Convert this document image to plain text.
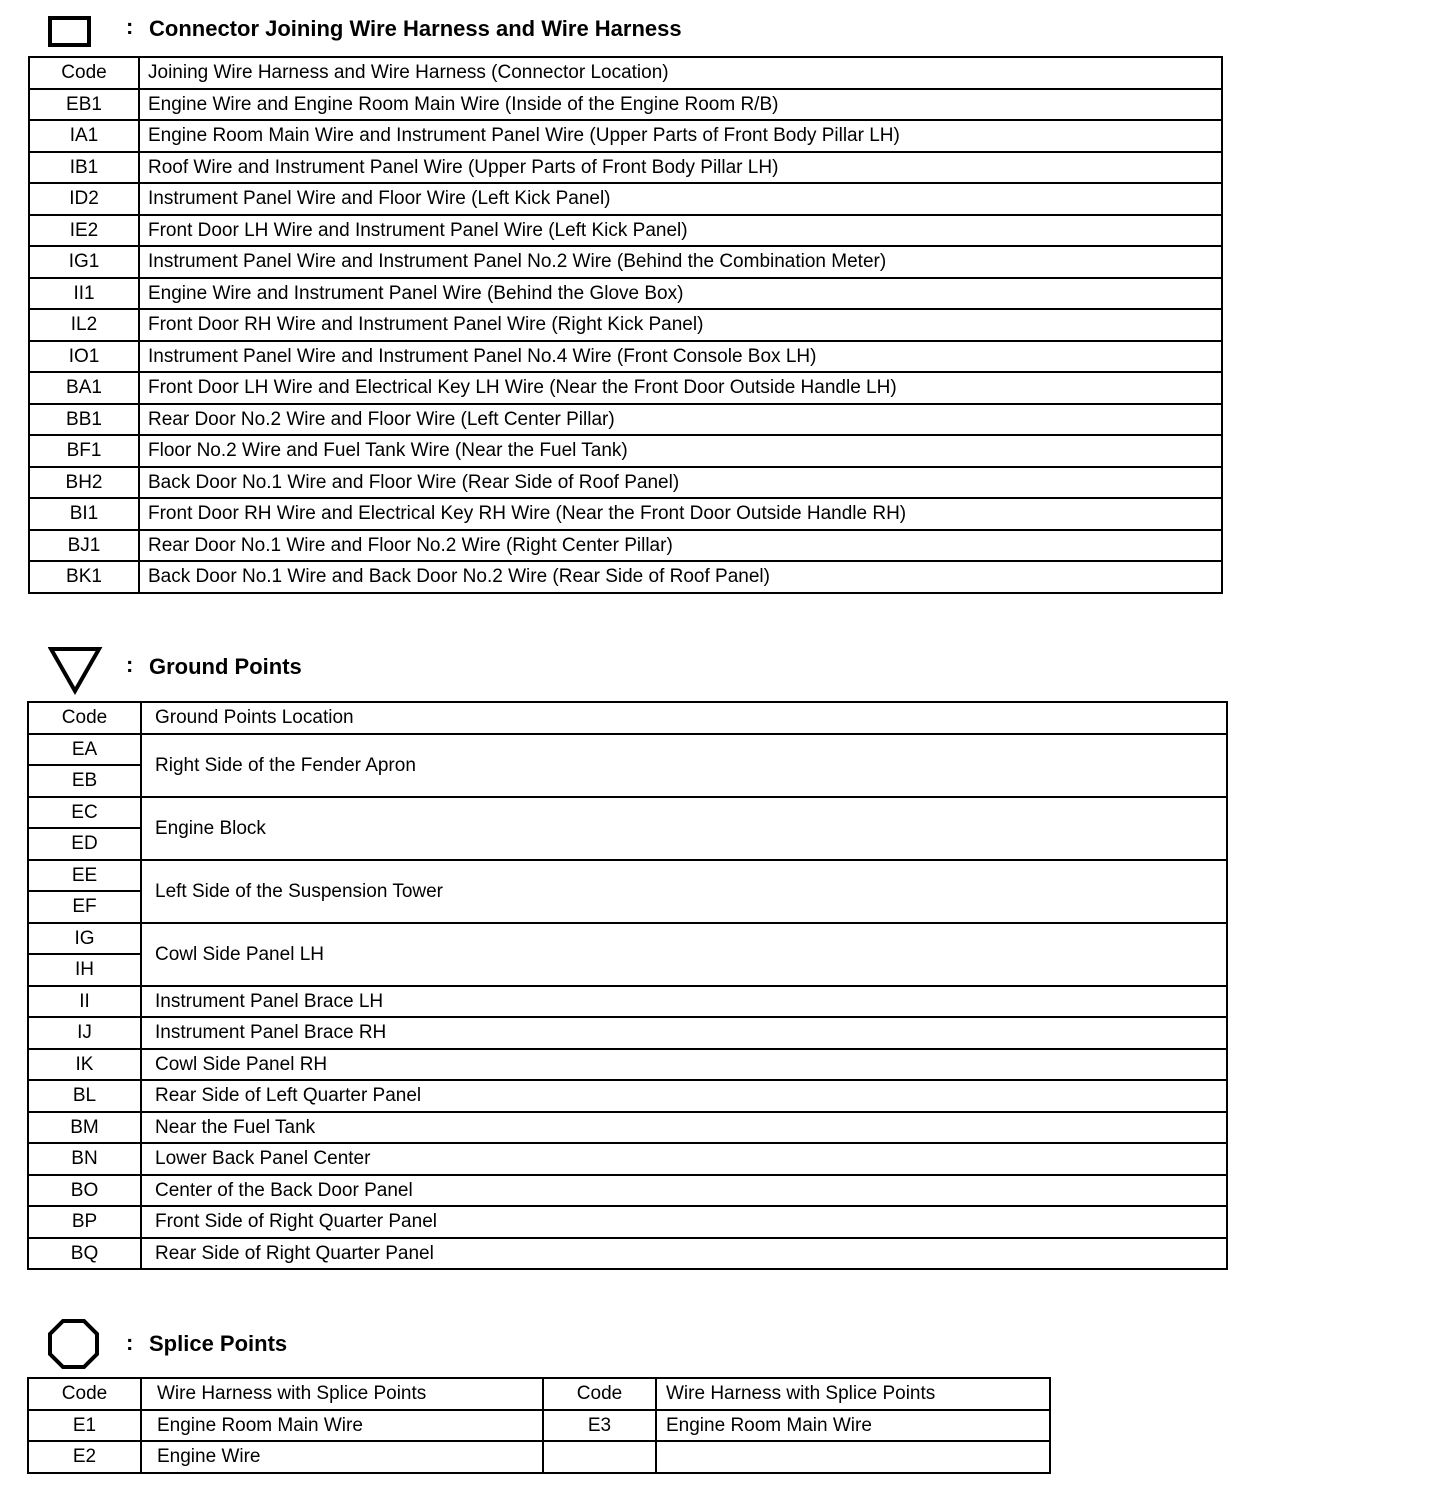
: Connector Joining Wire Harness and Wire Harness
Code	Joining Wire Harness and Wire Harness (Connector Location)
EB1	Engine Wire and Engine Room Main Wire (Inside of the Engine Room R/B)
IA1	Engine Room Main Wire and Instrument Panel Wire (Upper Parts of Front Body Pillar LH)
IB1	Roof Wire and Instrument Panel Wire (Upper Parts of Front Body Pillar LH)
ID2	Instrument Panel Wire and Floor Wire (Left Kick Panel)
IE2	Front Door LH Wire and Instrument Panel Wire (Left Kick Panel)
IG1	Instrument Panel Wire and Instrument Panel No.2 Wire (Behind the Combination Meter)
II1	Engine Wire and Instrument Panel Wire (Behind the Glove Box)
IL2	Front Door RH Wire and Instrument Panel Wire (Right Kick Panel)
IO1	Instrument Panel Wire and Instrument Panel No.4 Wire (Front Console Box LH)
BA1	Front Door LH Wire and Electrical Key LH Wire (Near the Front Door Outside Handle LH)
BB1	Rear Door No.2 Wire and Floor Wire (Left Center Pillar)
BF1	Floor No.2 Wire and Fuel Tank Wire (Near the Fuel Tank)
BH2	Back Door No.1 Wire and Floor Wire (Rear Side of Roof Panel)
BI1	Front Door RH Wire and Electrical Key RH Wire (Near the Front Door Outside Handle RH)
BJ1	Rear Door No.1 Wire and Floor No.2 Wire (Right Center Pillar)
BK1	Back Door No.1 Wire and Back Door No.2 Wire (Rear Side of Roof Panel)
: Ground Points
Code	Ground Points Location
EA	Right Side of the Fender Apron
EB	
EC	Engine Block
ED	
EE	Left Side of the Suspension Tower
EF	
IG	Cowl Side Panel LH
IH	
II	Instrument Panel Brace LH
IJ	Instrument Panel Brace RH
IK	Cowl Side Panel RH
BL	Rear Side of Left Quarter Panel
BM	Near the Fuel Tank
BN	Lower Back Panel Center
BO	Center of the Back Door Panel
BP	Front Side of Right Quarter Panel
BQ	Rear Side of Right Quarter Panel
: Splice Points
Code	Wire Harness with Splice Points	Code	Wire Harness with Splice Points
E1	Engine Room Main Wire	E3	Engine Room Main Wire
E2	Engine Wire		
